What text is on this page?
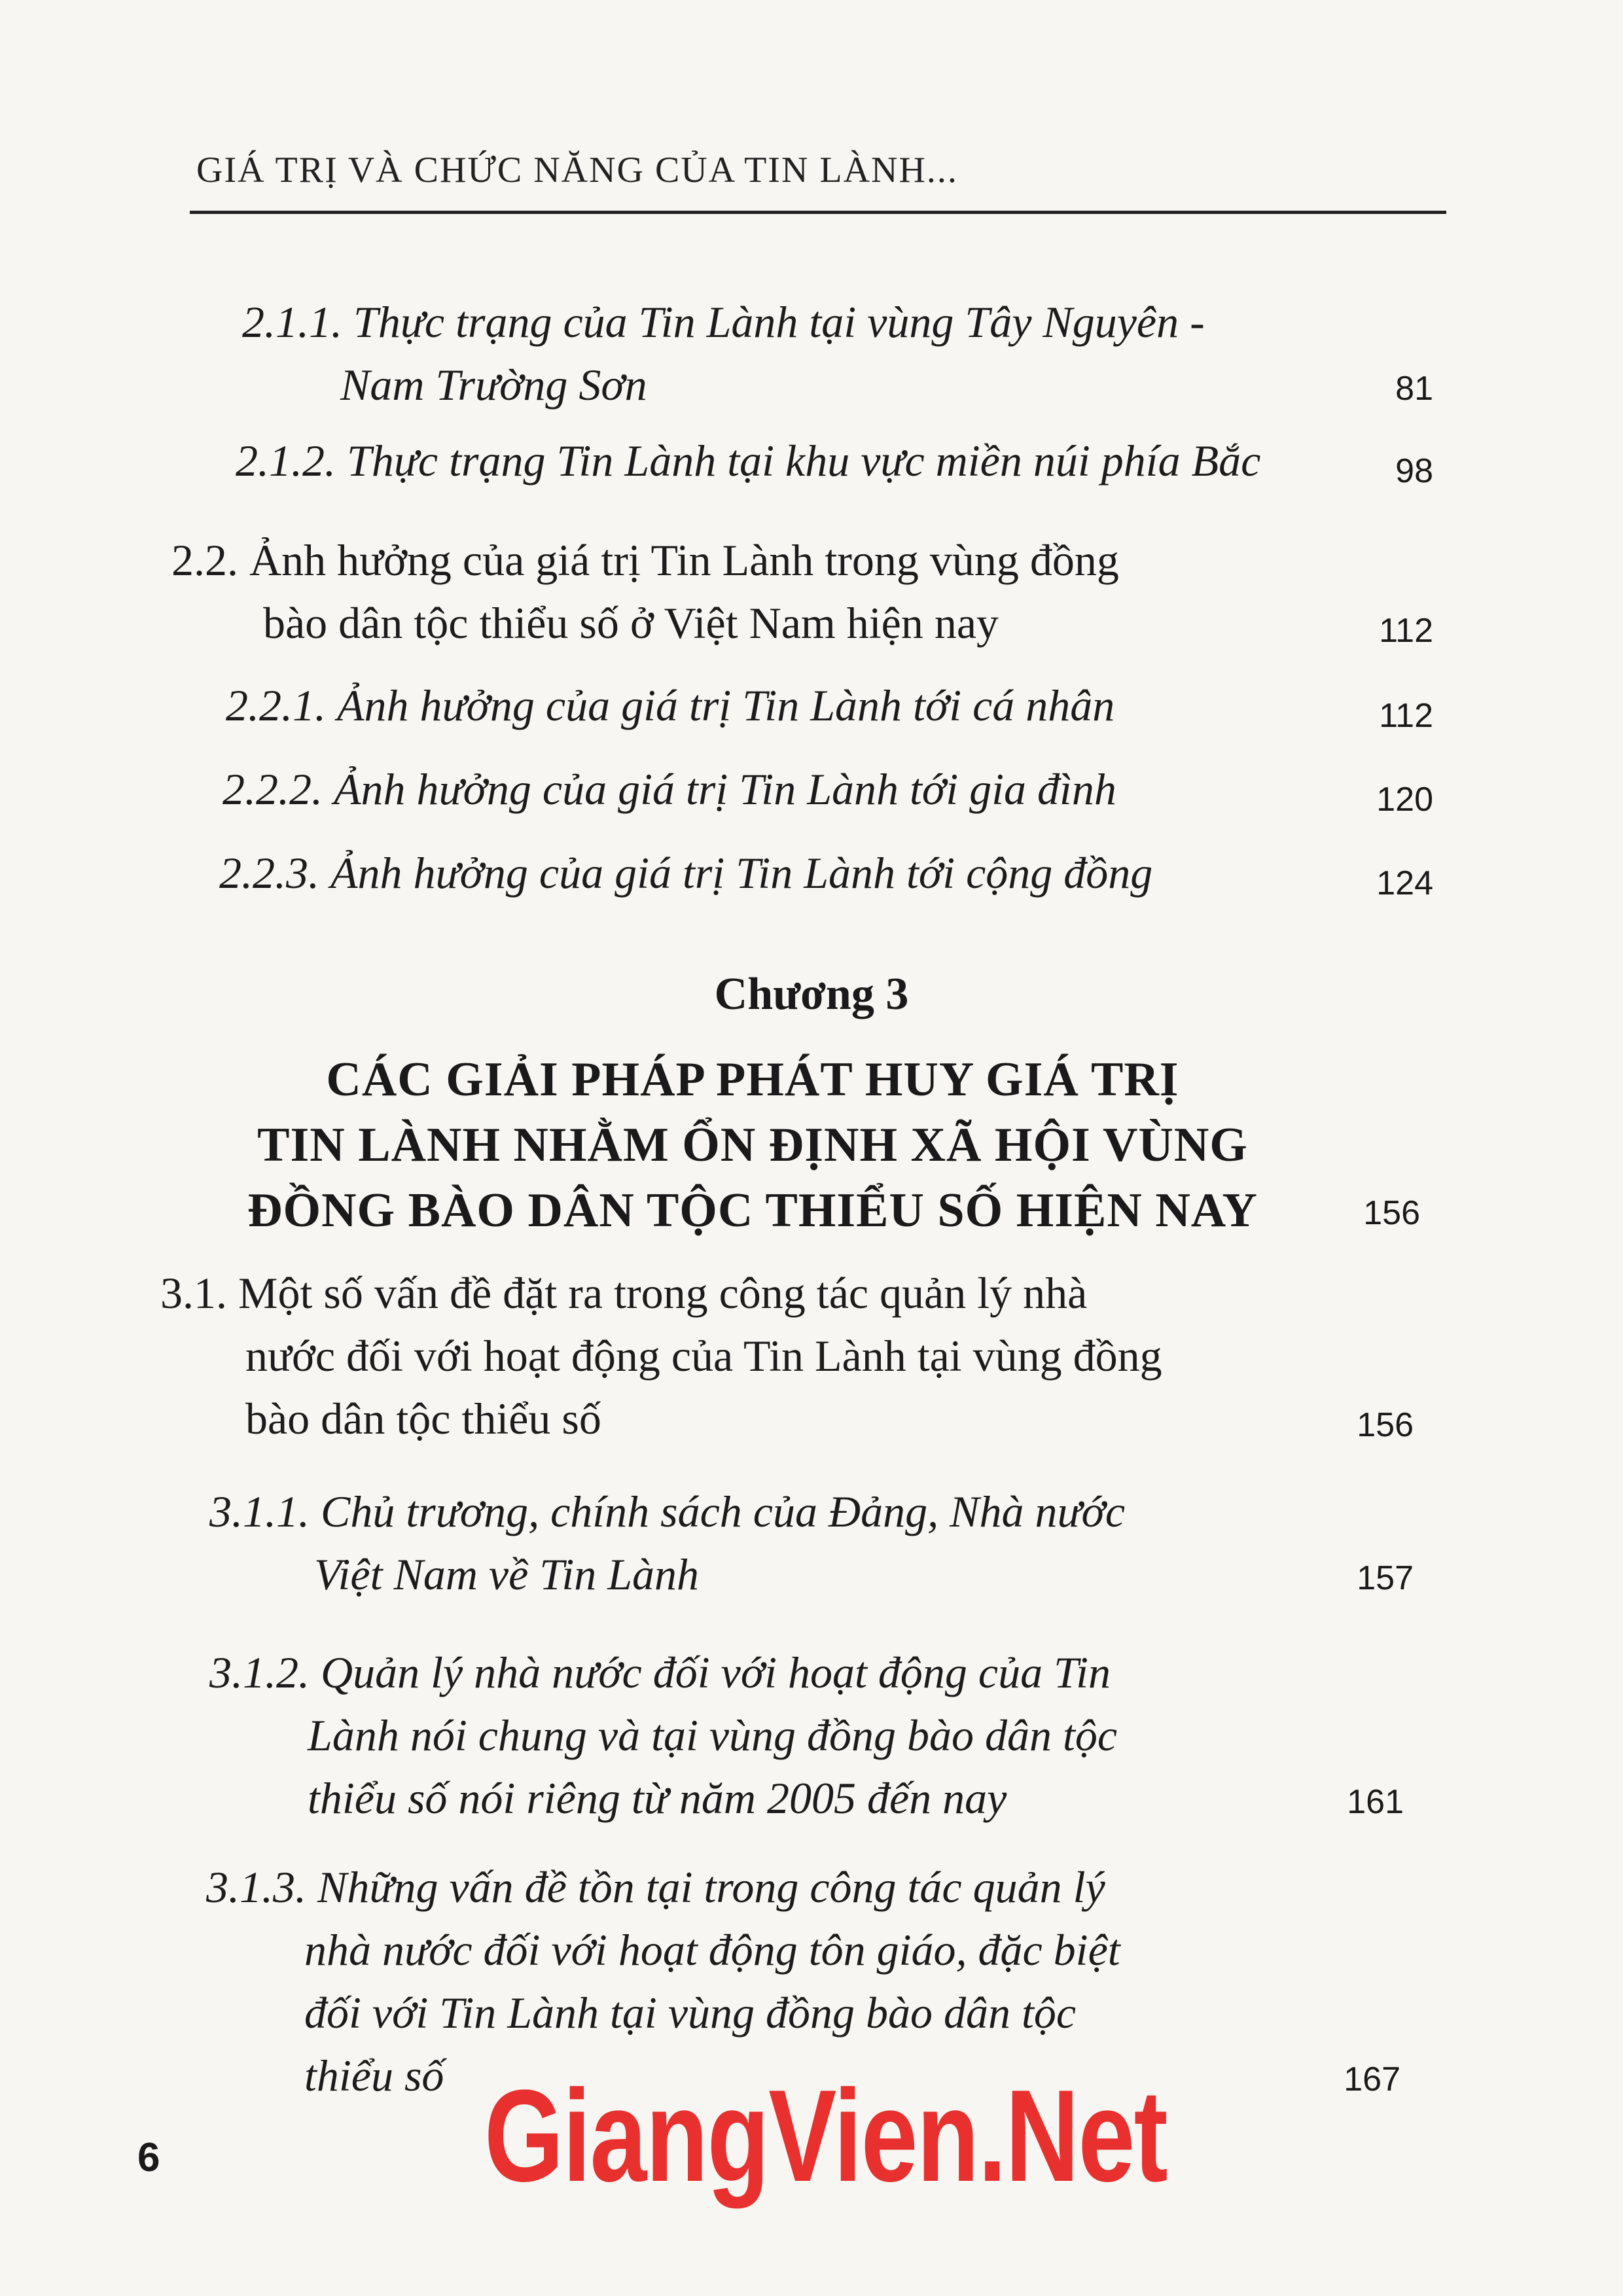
GIÁ TRỊ VÀ CHỨC NĂNG CỦA TIN LÀNH...
2.1.1. Thực trạng của Tin Lành tại vùng Tây Nguyên -
Nam Trường Sơn	81
2.1.2. Thực trạng Tin Lành tại khu vực miền núi phía Bắc	98
2.2. Ảnh hưởng của giá trị Tin Lành trong vùng đồng
bào dân tộc thiểu số ở Việt Nam hiện nay	112
2.2.1. Ảnh hưởng của giá trị Tin Lành tới cá nhân	112
2.2.2. Ảnh hưởng của giá trị Tin Lành tới gia đình	120
2.2.3. Ảnh hưởng của giá trị Tin Lành tới cộng đồng	124
Chương 3
CÁC GIẢI PHÁP PHÁT HUY GIÁ TRỊ
TIN LÀNH NHẰM ỔN ĐỊNH XÃ HỘI VÙNG
ĐỒNG BÀO DÂN TỘC THIỂU SỐ HIỆN NAY	156
3.1. Một số vấn đề đặt ra trong công tác quản lý nhà
nước đối với hoạt động của Tin Lành tại vùng đồng
bào dân tộc thiểu số	156
3.1.1. Chủ trương, chính sách của Đảng, Nhà nước
Việt Nam về Tin Lành	157
3.1.2. Quản lý nhà nước đối với hoạt động của Tin
Lành nói chung và tại vùng đồng bào dân tộc
thiểu số nói riêng từ năm 2005 đến nay	161
3.1.3. Những vấn đề tồn tại trong công tác quản lý
nhà nước đối với hoạt động tôn giáo, đặc biệt
đối với Tin Lành tại vùng đồng bào dân tộc
thiểu số	167
6 GiangVien.Net
